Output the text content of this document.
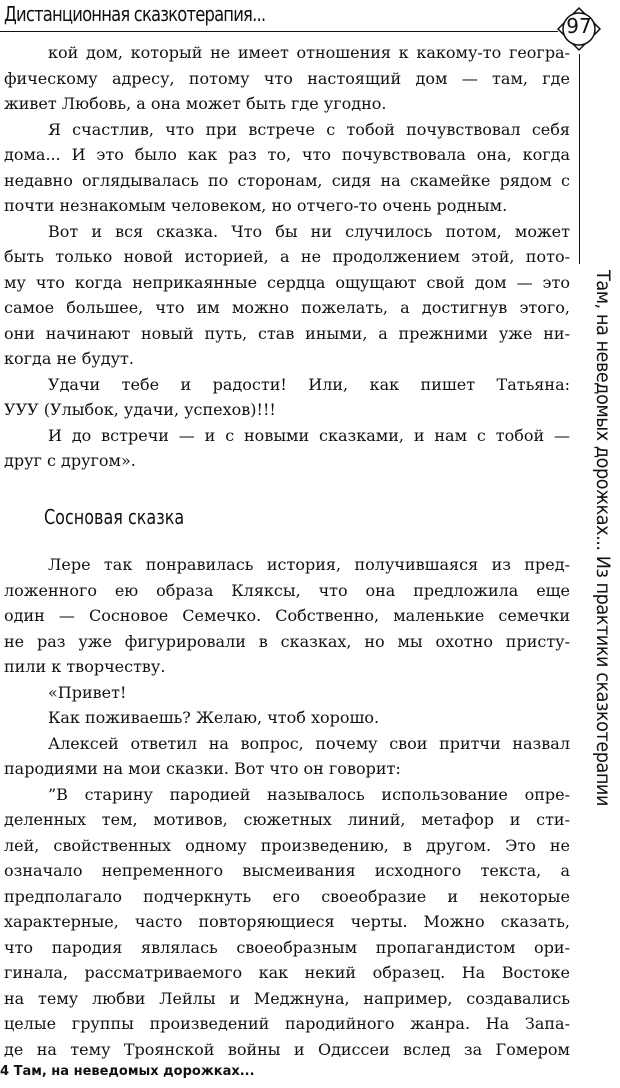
Дистанционная сказкотерапия...	97
Там, на неведомых дорожках... Из практики сказкотерапии
кой дом, который не имеет отношения к какому-то геогра-
фическому адресу, потому что настоящий дом — там, где
живет Любовь, а она может быть где угодно.
Я счастлив, что при встрече с тобой почувствовал себя
дома... И это было как раз то, что почувствовала она, когда
недавно оглядывалась по сторонам, сидя на скамейке рядом с
почти незнакомым человеком, но отчего-то очень родным.
Вот и вся сказка. Что бы ни случилось потом, может
быть только новой историей, а не продолжением этой, пото-
му что когда неприкаянные сердца ощущают свой дом — это
самое большее, что им можно пожелать, а достигнув этого,
они начинают новый путь, став иными, а прежними уже ни-
когда не будут.
Удачи тебе и радости! Или, как пишет Татьяна:
УУУ (Улыбок, удачи, успехов)!!!
И до встречи — и с новыми сказками, и нам с тобой —
друг с другом».
Сосновая сказка
Лере так понравилась история, получившаяся из пред-
ложенного ею образа Кляксы, что она предложила еще
один — Сосновое Семечко. Собственно, маленькие семечки
не раз уже фигурировали в сказках, но мы охотно присту-
пили к творчеству.
«Привет!
Как поживаешь? Желаю, чтоб хорошо.
Алексей ответил на вопрос, почему свои притчи назвал
пародиями на мои сказки. Вот что он говорит:
”В старину пародией называлось использование опре-
деленных тем, мотивов, сюжетных линий, метафор и сти-
лей, свойственных одному произведению, в другом. Это не
означало непременного высмеивания исходного текста, а
предполагало подчеркнуть его своеобразие и некоторые
характерные, часто повторяющиеся черты. Можно сказать,
что пародия являлась своеобразным пропагандистом ори-
гинала, рассматриваемого как некий образец. На Востоке
на тему любви Лейлы и Меджнуна, например, создавались
целые группы произведений пародийного жанра. На Запа-
де на тему Троянской войны и Одиссеи вслед за Гомером
4 Там, на неведомых дорожках...
